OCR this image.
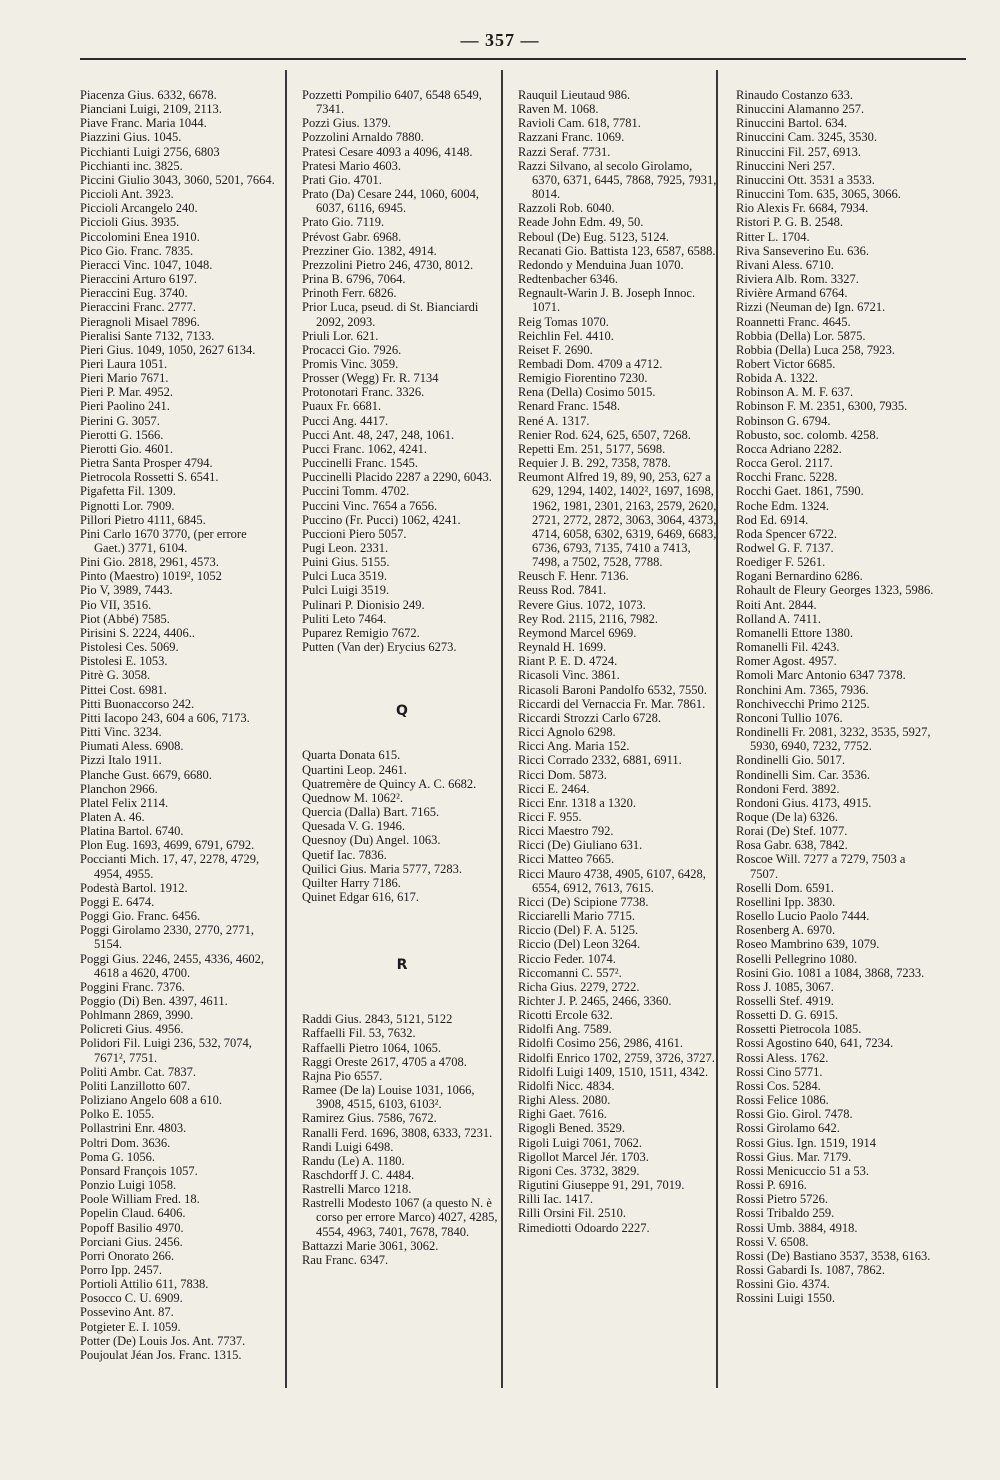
— 357 —
Piacenza Gius. 6332, 6678.
Pianciani Luigi, 2109, 2113.
Piave Franc. Maria 1044.
Piazzini Gius. 1045.
Picchianti Luigi 2756, 6803
Picchianti inc. 3825.
Piccini Giulio 3043, 3060, 5201, 7664.
Piccioli Ant. 3923.
Piccioli Arcangelo 240.
Piccioli Gius. 3935.
Piccolomini Enea 1910.
Pico Gio. Franc. 7835.
Pieracci Vinc. 1047, 1048.
Pieraccini Arturo 6197.
Pieraccini Eug. 3740.
Pieraccini Franc. 2777.
Pieragnoli Misael 7896.
Pieralisi Sante 7132, 7133.
Pieri Gius. 1049, 1050, 2627 6134.
Pieri Laura 1051.
Pieri Mario 7671.
Pieri P. Mar. 4952.
Pieri Paolino 241.
Pierini G. 3057.
Pierotti G. 1566.
Pierotti Gio. 4601.
Pietra Santa Prosper 4794.
Pietrocola Rossetti S. 6541.
Pigafetta Fil. 1309.
Pignotti Lor. 7909.
Pillori Pietro 4111, 6845.
Pini Carlo 1670 3770, (per errore Gaet.) 3771, 6104.
Pini Gio. 2818, 2961, 4573.
Pinto (Maestro) 1019², 1052
Pio V, 3989, 7443.
Pio VII, 3516.
Piot (Abbé) 7585.
Pirisini S. 2224, 4406..
Pistolesi Ces. 5069.
Pistolesi E. 1053.
Pitrè G. 3058.
Pittei Cost. 6981.
Pitti Buonaccorso 242.
Pitti Iacopo 243, 604 a 606, 7173.
Pitti Vinc. 3234.
Piumati Aless. 6908.
Pizzi Italo 1911.
Planche Gust. 6679, 6680.
Planchon 2966.
Platel Felix 2114.
Platen A. 46.
Platina Bartol. 6740.
Plon Eug. 1693, 4699, 6791, 6792.
Poccianti Mich. 17, 47, 2278, 4729, 4954, 4955.
Podestà Bartol. 1912.
Poggi E. 6474.
Poggi Gio. Franc. 6456.
Poggi Girolamo 2330, 2770, 2771, 5154.
Poggi Gius. 2246, 2455, 4336, 4602, 4618 a 4620, 4700.
Poggini Franc. 7376.
Poggio (Di) Ben. 4397, 4611.
Pohlmann 2869, 3990.
Policreti Gius. 4956.
Polidori Fil. Luigi 236, 532, 7074, 7671², 7751.
Politi Ambr. Cat. 7837.
Politi Lanzillotto 607.
Poliziano Angelo 608 a 610.
Polko E. 1055.
Pollastrini Enr. 4803.
Poltri Dom. 3636.
Poma G. 1056.
Ponsard François 1057.
Ponzio Luigi 1058.
Poole William Fred. 18.
Popelin Claud. 6406.
Popoff Basilio 4970.
Porciani Gius. 2456.
Porri Onorato 266.
Porro Ipp. 2457.
Portioli Attilio 611, 7838.
Posocco C. U. 6909.
Possevino Ant. 87.
Potgieter E. I. 1059.
Potter (De) Louis Jos. Ant. 7737.
Poujoulat Jéan Jos. Franc. 1315.
Pozzetti Pompilio 6407, 6548 6549, 7341.
Pozzi Gius. 1379.
Pozzolini Arnaldo 7880.
Pratesi Cesare 4093 a 4096, 4148.
Pratesi Mario 4603.
Prati Gio. 4701.
Prato (Da) Cesare 244, 1060, 6004, 6037, 6116, 6945.
Prato Gio. 7119.
Prévost Gabr. 6968.
Prezziner Gio. 1382, 4914.
Prezzolini Pietro 246, 4730, 8012.
Prina B. 6796, 7064.
Prinoth Ferr. 6826.
Prior Luca, pseud. di St. Bianciardi 2092, 2093.
Priuli Lor. 621.
Procacci Gio. 7926.
Promis Vinc. 3059.
Prosser (Wegg) Fr. R. 7134
Protonotari Franc. 3326.
Puaux Fr. 6681.
Pucci Ang. 4417.
Pucci Ant. 48, 247, 248, 1061.
Pucci Franc. 1062, 4241.
Puccinelli Franc. 1545.
Puccinelli Placido 2287 a 2290, 6043.
Puccini Tomm. 4702.
Puccini Vinc. 7654 a 7656.
Puccino (Fr. Pucci) 1062, 4241.
Puccioni Piero 5057.
Pugi Leon. 2331.
Puini Gius. 5155.
Pulci Luca 3519.
Pulci Luigi 3519.
Pulinari P. Dionisio 249.
Puliti Leto 7464.
Puparez Remigio 7672.
Putten (Van der) Erycius 6273.
Q
Quarta Donata 615.
Quartini Leop. 2461.
Quatremère de Quincy A. C. 6682.
Quednow M. 1062².
Quercia (Dalla) Bart. 7165.
Quesada V. G. 1946.
Quesnoy (Du) Angel. 1063.
Quetif Iac. 7836.
Quilici Gius. Maria 5777, 7283.
Quilter Harry 7186.
Quinet Edgar 616, 617.
R
Raddi Gius. 2843, 5121, 5122
Raffaelli Fil. 53, 7632.
Raffaelli Pietro 1064, 1065.
Raggi Oreste 2617, 4705 a 4708.
Rajna Pio 6557.
Ramee (De la) Louise 1031, 1066, 3908, 4515, 6103, 6103².
Ramirez Gius. 7586, 7672.
Ranalli Ferd. 1696, 3808, 6333, 7231.
Randi Luigi 6498.
Randu (Le) A. 1180.
Raschdorff J. C. 4484.
Rastrelli Marco 1218.
Rastrelli Modesto 1067 (a questo N. è corso per errore Marco) 4027, 4285, 4554, 4963, 7401, 7678, 7840.
Battazzi Marie 3061, 3062.
Rau Franc. 6347.
Rauquil Lieutaud 986.
Raven M. 1068.
Ravioli Cam. 618, 7781.
Razzani Franc. 1069.
Razzi Seraf. 7731.
Razzi Silvano, al secolo Girolamo, 6370, 6371, 6445, 7868, 7925, 7931, 8014.
Razzoli Rob. 6040.
Reade John Edm. 49, 50.
Reboul (De) Eug. 5123, 5124.
Recanati Gio. Battista 123, 6587, 6588.
Redondo y Menduina Juan 1070.
Redtenbacher 6346.
Regnault-Warin J. B. Joseph Innoc. 1071.
Reig Tomas 1070.
Reichlin Fel. 4410.
Reiset F. 2690.
Rembadi Dom. 4709 a 4712.
Remigio Fiorentino 7230.
Rena (Della) Cosimo 5015.
Renard Franc. 1548.
René A. 1317.
Renier Rod. 624, 625, 6507, 7268.
Repetti Em. 251, 5177, 5698.
Requier J. B. 292, 7358, 7878.
Reumont Alfred 19, 89, 90, 253, 627 a 629, 1294, 1402, 1402², 1697, 1698, 1962, 1981, 2301, 2163, 2579, 2620, 2721, 2772, 2872, 3063, 3064, 4373, 4714, 6058, 6302, 6319, 6469, 6683, 6736, 6793, 7135, 7410 a 7413, 7498, a 7502, 7528, 7788.
Reusch F. Henr. 7136.
Reuss Rod. 7841.
Revere Gius. 1072, 1073.
Rey Rod. 2115, 2116, 7982.
Reymond Marcel 6969.
Reynald H. 1699.
Riant P. E. D. 4724.
Ricasoli Vinc. 3861.
Ricasoli Baroni Pandolfo 6532, 7550.
Riccardi del Vernaccia Fr. Mar. 7861.
Riccardi Strozzi Carlo 6728.
Ricci Agnolo 6298.
Ricci Ang. Maria 152.
Ricci Corrado 2332, 6881, 6911.
Ricci Dom. 5873.
Ricci E. 2464.
Ricci Enr. 1318 a 1320.
Ricci F. 955.
Ricci Maestro 792.
Ricci (De) Giuliano 631.
Ricci Matteo 7665.
Ricci Mauro 4738, 4905, 6107, 6428, 6554, 6912, 7613, 7615.
Ricci (De) Scipione 7738.
Ricciarelli Mario 7715.
Riccio (Del) F. A. 5125.
Riccio (Del) Leon 3264.
Riccio Feder. 1074.
Riccomanni C. 557².
Richa Gius. 2279, 2722.
Richter J. P. 2465, 2466, 3360.
Ricotti Ercole 632.
Ridolfi Ang. 7589.
Ridolfi Cosimo 256, 2986, 4161.
Ridolfi Enrico 1702, 2759, 3726, 3727.
Ridolfi Luigi 1409, 1510, 1511, 4342.
Ridolfi Nicc. 4834.
Righi Aless. 2080.
Righi Gaet. 7616.
Rigogli Bened. 3529.
Rigoli Luigi 7061, 7062.
Rigollot Marcel Jér. 1703.
Rigoni Ces. 3732, 3829.
Rigutini Giuseppe 91, 291, 7019.
Rilli Iac. 1417.
Rilli Orsini Fil. 2510.
Rimediotti Odoardo 2227.
Rinaudo Costanzo 633.
Rinuccini Alamanno 257.
Rinuccini Bartol. 634.
Rinuccini Cam. 3245, 3530.
Rinuccini Fil. 257, 6913.
Rinuccini Neri 257.
Rinuccini Ott. 3531 a 3533.
Rinuccini Tom. 635, 3065, 3066.
Rio Alexis Fr. 6684, 7934.
Ristori P. G. B. 2548.
Ritter L. 1704.
Riva Sanseverino Eu. 636.
Rivani Aless. 6710.
Riviera Alb. Rom. 3327.
Rivière Armand 6764.
Rizzi (Neuman de) Ign. 6721.
Roannetti Franc. 4645.
Robbia (Della) Lor. 5875.
Robbia (Della) Luca 258, 7923.
Robert Victor 6685.
Robida A. 1322.
Robinson A. M. F. 637.
Robinson F. M. 2351, 6300, 7935.
Robinson G. 6794.
Robusto, soc. colomb. 4258.
Rocca Adriano 2282.
Rocca Gerol. 2117.
Rocchi Franc. 5228.
Rocchi Gaet. 1861, 7590.
Roche Edm. 1324.
Rod Ed. 6914.
Roda Spencer 6722.
Rodwel G. F. 7137.
Roediger F. 5261.
Rogani Bernardino 6286.
Rohault de Fleury Georges 1323, 5986.
Roiti Ant. 2844.
Rolland A. 7411.
Romanelli Ettore 1380.
Romanelli Fil. 4243.
Romer Agost. 4957.
Romoli Marc Antonio 6347 7378.
Ronchini Am. 7365, 7936.
Ronchivecchi Primo 2125.
Ronconi Tullio 1076.
Rondinelli Fr. 2081, 3232, 3535, 5927, 5930, 6940, 7232, 7752.
Rondinelli Gio. 5017.
Rondinelli Sim. Car. 3536.
Rondoni Ferd. 3892.
Rondoni Gius. 4173, 4915.
Roque (De la) 6326.
Rorai (De) Stef. 1077.
Rosa Gabr. 638, 7842.
Roscoe Will. 7277 a 7279, 7503 a 7507.
Roselli Dom. 6591.
Rosellini Ipp. 3830.
Rosello Lucio Paolo 7444.
Rosenberg A. 6970.
Roseo Mambrino 639, 1079.
Roselli Pellegrino 1080.
Rosini Gio. 1081 a 1084, 3868, 7233.
Ross J. 1085, 3067.
Rosselli Stef. 4919.
Rossetti D. G. 6915.
Rossetti Pietrocola 1085.
Rossi Agostino 640, 641, 7234.
Rossi Aless. 1762.
Rossi Cino 5771.
Rossi Cos. 5284.
Rossi Felice 1086.
Rossi Gio. Girol. 7478.
Rossi Girolamo 642.
Rossi Gius. Ign. 1519, 1914
Rossi Gius. Mar. 7179.
Rossi Menicuccio 51 a 53.
Rossi P. 6916.
Rossi Pietro 5726.
Rossi Tribaldo 259.
Rossi Umb. 3884, 4918.
Rossi V. 6508.
Rossi (De) Bastiano 3537, 3538, 6163.
Rossi Gabardi Is. 1087, 7862.
Rossini Gio. 4374.
Rossini Luigi 1550.
